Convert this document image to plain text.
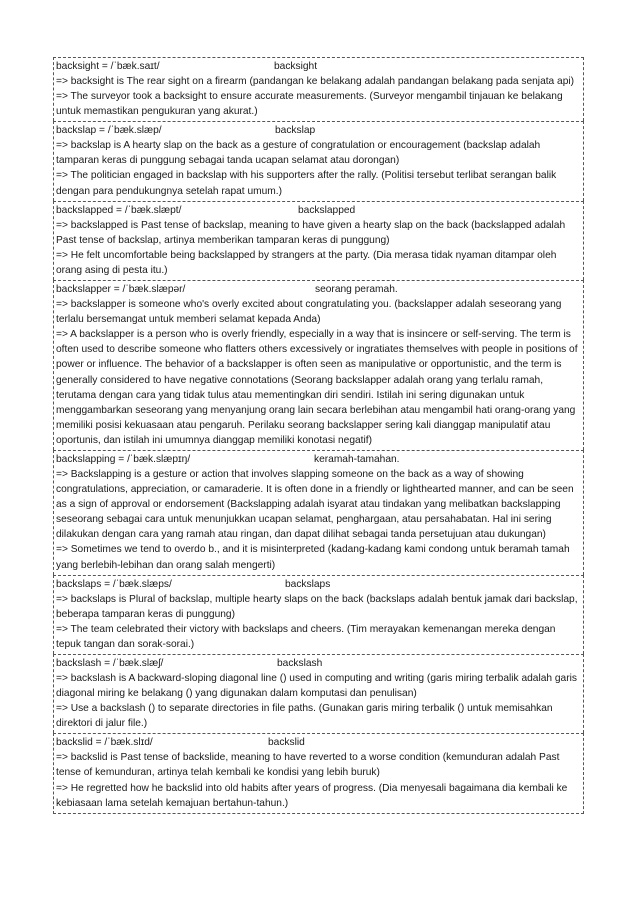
backsight = /ˈbæk.saɪt/	backsight
=> backsight is The rear sight on a firearm (pandangan ke belakang adalah pandangan belakang pada senjata api)
=> The surveyor took a backsight to ensure accurate measurements. (Surveyor mengambil tinjauan ke belakang untuk memastikan pengukuran yang akurat.)
backslap = /ˈbæk.slæp/	backslap
=> backslap is A hearty slap on the back as a gesture of congratulation or encouragement (backslap adalah tamparan keras di punggung sebagai tanda ucapan selamat atau dorongan)
=> The politician engaged in backslap with his supporters after the rally. (Politisi tersebut terlibat serangan balik dengan para pendukungnya setelah rapat umum.)
backslapped = /ˈbæk.slæpt/	backslapped
=> backslapped is Past tense of backslap, meaning to have given a hearty slap on the back (backslapped adalah Past tense of backslap, artinya memberikan tamparan keras di punggung)
=> He felt uncomfortable being backslapped by strangers at the party. (Dia merasa tidak nyaman ditampar oleh orang asing di pesta itu.)
backslapper = /ˈbæk.slæpər/	seorang peramah.
=> backslapper is someone who's overly excited about congratulating you. (backslapper adalah seseorang yang terlalu bersemangat untuk memberi selamat kepada Anda)
=> A backslapper is a person who is overly friendly, especially in a way that is insincere or self-serving. The term is often used to describe someone who flatters others excessively or ingratiates themselves with people in positions of power or influence. The behavior of a backslapper is often seen as manipulative or opportunistic, and the term is generally considered to have negative connotations (Seorang backslapper adalah orang yang terlalu ramah, terutama dengan cara yang tidak tulus atau mementingkan diri sendiri. Istilah ini sering digunakan untuk menggambarkan seseorang yang menyanjung orang lain secara berlebihan atau mengambil hati orang-orang yang memiliki posisi kekuasaan atau pengaruh. Perilaku seorang backslapper sering kali dianggap manipulatif atau oportunis, dan istilah ini umumnya dianggap memiliki konotasi negatif)
backslapping = /ˈbæk.slæpɪŋ/	keramah-tamahan.
=> Backslapping is a gesture or action that involves slapping someone on the back as a way of showing congratulations, appreciation, or camaraderie. It is often done in a friendly or lighthearted manner, and can be seen as a sign of approval or endorsement (Backslapping adalah isyarat atau tindakan yang melibatkan backslapping seseorang sebagai cara untuk menunjukkan ucapan selamat, penghargaan, atau persahabatan. Hal ini sering dilakukan dengan cara yang ramah atau ringan, dan dapat dilihat sebagai tanda persetujuan atau dukungan)
=> Sometimes we tend to overdo b., and it is misinterpreted (kadang-kadang kami condong untuk beramah tamah yang berlebih-lebihan dan orang salah mengerti)
backslaps = /ˈbæk.slæps/	backslaps
=> backslaps is Plural of backslap, multiple hearty slaps on the back (backslaps adalah bentuk jamak dari backslap, beberapa tamparan keras di punggung)
=> The team celebrated their victory with backslaps and cheers. (Tim merayakan kemenangan mereka dengan tepuk tangan dan sorak-sorai.)
backslash = /ˈbæk.slæʃ/	backslash
=> backslash is A backward-sloping diagonal line () used in computing and writing (garis miring terbalik adalah garis diagonal miring ke belakang () yang digunakan dalam komputasi dan penulisan)
=> Use a backslash () to separate directories in file paths. (Gunakan garis miring terbalik () untuk memisahkan direktori di jalur file.)
backslid = /ˈbæk.slɪd/	backslid
=> backslid is Past tense of backslide, meaning to have reverted to a worse condition (kemunduran adalah Past tense of kemunduran, artinya telah kembali ke kondisi yang lebih buruk)
=> He regretted how he backslid into old habits after years of progress. (Dia menyesali bagaimana dia kembali ke kebiasaan lama setelah kemajuan bertahun-tahun.)
